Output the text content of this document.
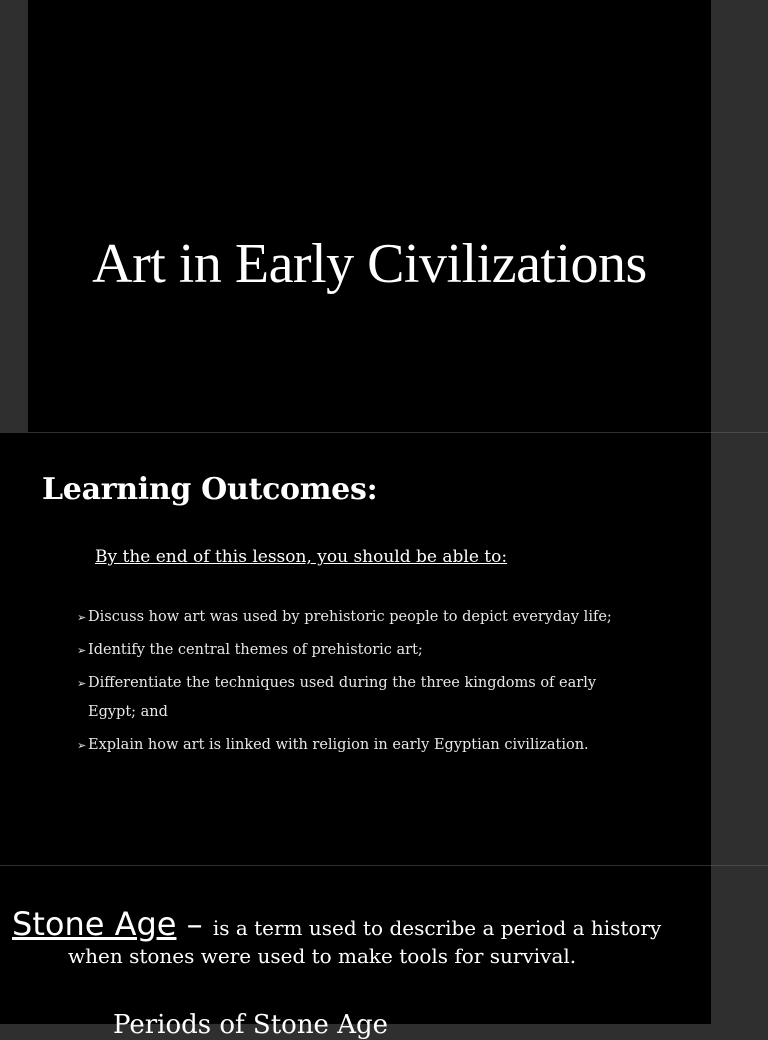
Art in Early Civilizations
Learning Outcomes:
By the end of this lesson, you should be able to:
➢ Discuss how art was used by prehistoric people to depict everyday life;
➢ Identify the central themes of prehistoric art;
➢ Differentiate the techniques used during the three kingdoms of early Egypt; and
➢ Explain how art is linked with religion in early Egyptian civilization.
Stone Age – is a term used to describe a period a history
when stones were used to make tools for survival.
Periods of Stone Age
